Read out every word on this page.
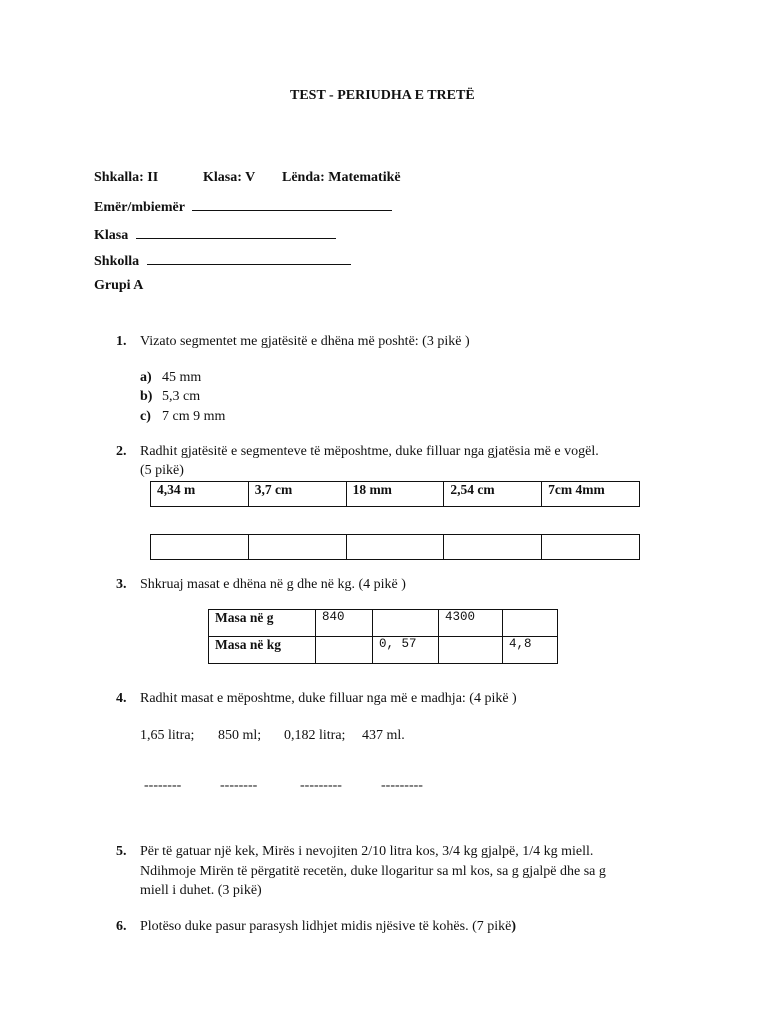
TEST - PERIUDHA E TRETË
Shkalla: II	Klasa: V Lënda: Matematikë
Emër/mbiemër
Klasa
Shkolla
Grupi A
1. Vizato segmentet me gjatësitë e dhëna më poshtë: (3 pikë )
a) 45 mm
b) 5,3 cm
c) 7 cm 9 mm
2. Radhit gjatësitë e segmenteve të mëposhtme, duke filluar nga gjatësia më e vogël.
(5 pikë)
4,34 m	3,7 cm	18 mm	2,54 cm	7cm 4mm

3. Shkruaj masat e dhëna në g dhe në kg. (4 pikë )
Masa në g	840		4300	
Masa në kg		0, 57		4,8
4. Radhit masat e mëposhtme, duke filluar nga më e madhja: (4 pikë )
1,65 litra; 850 ml; 0,182 litra; 437 ml.
--------	--------	---------	---------
5. Për të gatuar një kek, Mirës i nevojiten 2/10 litra kos, 3/4 kg gjalpë, 1/4 kg miell.
Ndihmoje Mirën të përgatitë recetën, duke llogaritur sa ml kos, sa g gjalpë dhe sa g
miell i duhet. (3 pikë)
6. Plotëso duke pasur parasysh lidhjet midis njësive të kohës. (7 pikë)
